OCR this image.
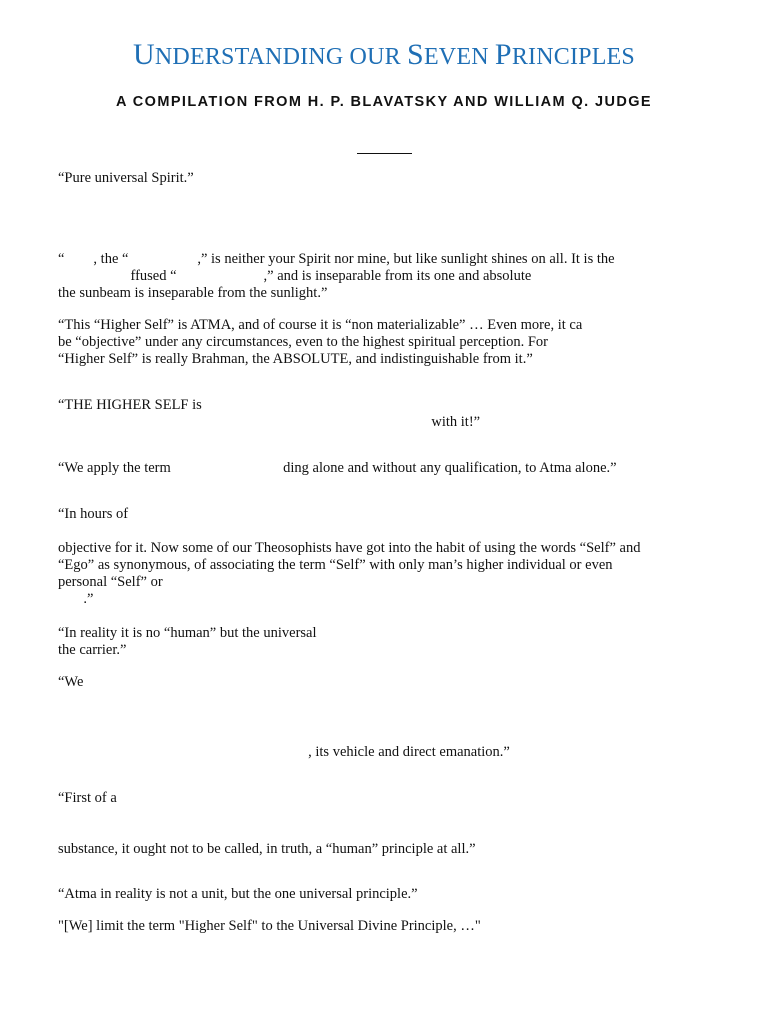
UNDERSTANDING OUR SEVEN PRINCIPLES

A COMPILATION FROM H. P. BLAVATSKY AND WILLIAM Q. JUDGE

“Pure universal Spirit.”

“        , the “                   ,” is neither your Spirit nor mine, but like sunlight shines on all. It is the

ffused “                        ,” and is inseparable from its one and absolute

the sunbeam is inseparable from the sunlight.”

“This “Higher Self” is ATMA, and of course it is “non materializable” … Even more, it ca

be “objective” under any circumstances, even to the highest spiritual perception. For

“Higher Self” is really Brahman, the ABSOLUTE, and indistinguishable from it.”

“THE HIGHER SELF is

with it!”

“We apply the term                               ding alone and without any qualification, to Atma alone.”

“In hours of

objective for it. Now some of our Theosophists have got into the habit of using the words “Self” and

“Ego” as synonymous, of associating the term “Self” with only man’s higher individual or even

personal “Self” or

.”

“In reality it is no “human” but the universal

the carrier.”

“We

, its vehicle and direct emanation.”

“First of a

substance, it ought not to be called, in truth, a “human” principle at all.”

“Atma in reality is not a unit, but the one universal principle.”

"[We] limit the term "Higher Self" to the Universal Divine Principle, …"
